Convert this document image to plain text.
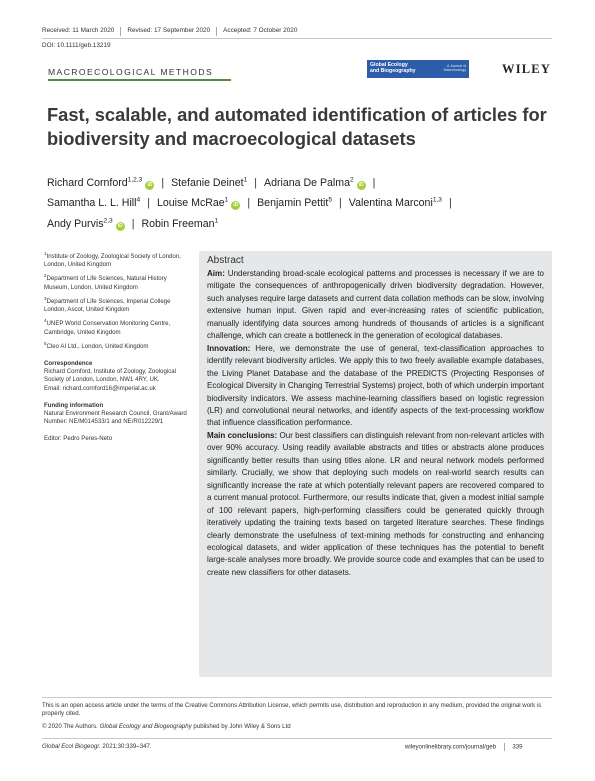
Received: 11 March 2020 Revised: 17 September 2020 Accepted: 7 October 2020
DOI: 10.1111/geb.13219
MACROECOLOGICAL METHODS
Global Ecology
and Biogeography
A Journal of
Macroecology	WILEY
Fast, scalable, and automated identification of articles for biodiversity and macroecological datasets
Richard Cornford$^{1,2,3}$iD | Stefanie Deinet$^1$ | Adriana De Palma$^2$iD |
Samantha L. L. Hill$^4$ | Louise McRae$^1$iD | Benjamin Pettit$^5$ | Valentina Marconi$^{1,3}$ |
Andy Purvis$^{2,3}$iD | Robin Freeman$^1$
$^1$Institute of Zoology, Zoological Society of London, London, United Kingdom
$^2$Department of Life Sciences, Natural History Museum, London, United Kingdom
$^3$Department of Life Sciences, Imperial College London, Ascot, United Kingdom
$^4$UNEP World Conservation Monitoring Centre, Cambridge, United Kingdom
$^5$Cleo AI Ltd., London, United Kingdom
Correspondence
Richard Cornford, Institute of Zoology, Zoological Society of London, London, NW1 4RY, UK.
Email: richard.cornford16@imperial.ac.uk
Funding information
Natural Environment Research Council, Grant/Award Number: NE/M014533/1 and NE/R012229/1
Editor: Pedro Peres-Neto
Abstract

Aim: Understanding broad-scale ecological patterns and processes is necessary if we are to mitigate the consequences of anthropogenically driven biodiversity degradation. However, such analyses require large datasets and current data collation methods can be slow, involving extensive human input. Given rapid and ever-increasing rates of scientific publication, manually identifying data sources among hundreds of thousands of articles is a significant challenge, which can create a bottleneck in the generation of ecological databases.

Innovation: Here, we demonstrate the use of general, text-classification approaches to identify relevant biodiversity articles. We apply this to two freely available example databases, the Living Planet Database and the database of the PREDICTS (Projecting Responses of Ecological Diversity in Changing Terrestrial Systems) project, both of which underpin important biodiversity indicators. We assess machine-learning classifiers based on logistic regression (LR) and convolutional neural networks, and identify aspects of the text-processing workflow that influence classification performance.

Main conclusions: Our best classifiers can distinguish relevant from non-relevant articles with over 90% accuracy. Using readily available abstracts and titles or abstracts alone produces significantly better results than using titles alone. LR and neural network models performed similarly. Crucially, we show that deploying such models on real-world search results can significantly increase the rate at which potentially relevant papers are recovered compared to a current manual protocol. Furthermore, our results indicate that, given a modest initial sample of 100 relevant papers, high-performing classifiers could be generated quickly through iteratively updating the training texts based on targeted literature searches. These findings clearly demonstrate the usefulness of text-mining methods for constructing and enhancing ecological datasets, and wider application of these techniques has the potential to benefit large-scale analyses more broadly. We provide source code and examples that can be used to create new classifiers for other datasets.

This is an open access article under the terms of the Creative Commons Attribution License, which permits use, distribution and reproduction in any medium, provided the original work is properly cited.
© 2020 The Authors. Global Ecology and Biogeography published by John Wiley & Sons Ltd
Global Ecol Biogeogr. 2021;30:339–347.	wileyonlinelibrary.com/journal/geb	339
